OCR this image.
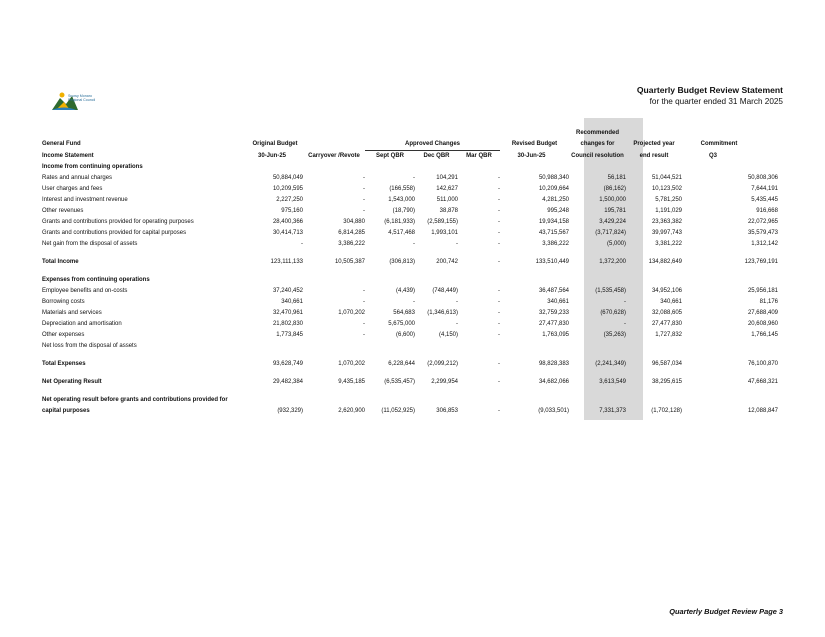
Snowy Monaro
Regional Council
Quarterly Budget Review Statement
for the quarter ended 31 March 2025
							Recommended		
General Fund	Original Budget		Approved Changes			Revised Budget	changes for	Projected year	Commitment
Income Statement	30-Jun-25	Carryover /Revote	Sept QBR	Dec QBR	Mar QBR	30-Jun-25	Council resolution	end result	Q3
Income from continuing operations									
Rates and annual charges	50,884,049	-	-	104,291	-	50,988,340	56,181	51,044,521	50,808,306
User charges and fees	10,209,595	-	(166,558)	142,627	-	10,209,664	(86,162)	10,123,502	7,644,191
Interest and investment revenue	2,227,250	-	1,543,000	511,000	-	4,281,250	1,500,000	5,781,250	5,435,445
Other revenues	975,160	-	(18,790)	38,878	-	995,248	195,781	1,191,029	916,668
Grants and contributions provided for operating purposes	28,400,366	304,880	(6,181,933)	(2,589,155)	-	19,934,158	3,429,224	23,363,382	22,072,965
Grants and contributions provided for capital purposes	30,414,713	6,814,285	4,517,468	1,993,101	-	43,715,567	(3,717,824)	39,997,743	35,579,473
Net gain from the disposal of assets	-	3,386,222	-	-	-	3,386,222	(5,000)	3,381,222	1,312,142

Total Income	123,111,133	10,505,387	(306,813)	200,742	-	133,510,449	1,372,200	134,882,649	123,769,191

Expenses from continuing operations									
Employee benefits and on-costs	37,240,452	-	(4,439)	(748,449)	-	36,487,564	(1,535,458)	34,952,106	25,956,181
Borrowing costs	340,661	-	-	-	-	340,661	-	340,661	81,176
Materials and services	32,470,961	1,070,202	564,683	(1,346,613)	-	32,759,233	(670,628)	32,088,605	27,688,409
Depreciation and amortisation	21,802,830	-	5,675,000	-	-	27,477,830	-	27,477,830	20,608,960
Other expenses	1,773,845	-	(6,600)	(4,150)	-	1,763,095	(35,263)	1,727,832	1,766,145
Net loss from the disposal of assets									

Total Expenses	93,628,749	1,070,202	6,228,644	(2,099,212)	-	98,828,383	(2,241,349)	96,587,034	76,100,870

Net Operating Result	29,482,384	9,435,185	(6,535,457)	2,299,954	-	34,682,066	3,613,549	38,295,615	47,668,321

Net operating result before grants and contributions provided for									
capital purposes	(932,329)	2,620,900	(11,052,925)	306,853	-	(9,033,501)	7,331,373	(1,702,128)	12,088,847
Quarterly Budget Review Page 3
